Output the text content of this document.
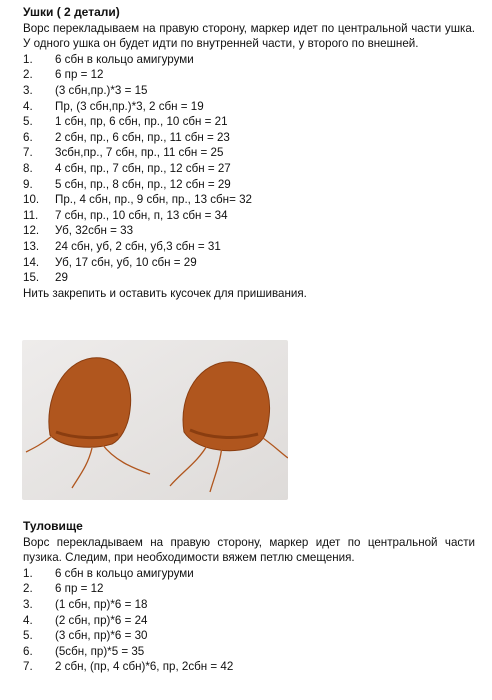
Ушки ( 2 детали)
Ворс перекладываем на правую сторону, маркер идет по центральной части ушка. У одного ушка он будет идти по внутренней части, у второго по внешней.
1.	6 сбн в кольцо амигуруми
2.	6 пр = 12
3.	(3 сбн,пр.)*3 = 15
4.	Пр, (3 сбн,пр.)*3, 2 сбн = 19
5.	1 сбн, пр, 6 сбн, пр., 10 сбн = 21
6.	2 сбн, пр., 6 сбн, пр., 11 сбн = 23
7.	3сбн,пр., 7 сбн, пр., 11 сбн = 25
8.	4 сбн, пр., 7 сбн, пр., 12 сбн = 27
9.	5 сбн, пр., 8 сбн, пр., 12 сбн = 29
10.	Пр., 4 сбн, пр., 9 сбн, пр., 13 сбн= 32
11.	7 сбн, пр., 10 сбн, п, 13 сбн = 34
12.	Уб, 32сбн = 33
13.	24 сбн, уб, 2 сбн, уб,3 сбн = 31
14.	Уб, 17 сбн, уб, 10 сбн = 29
15.	29
Нить закрепить и оставить кусочек для пришивания.
Туловище
Ворс перекладываем на правую сторону, маркер идет по центральной части пузика. Следим, при необходимости вяжем петлю смещения.
1.	6 сбн в кольцо амигуруми
2.	6 пр = 12
3.	(1 сбн, пр)*6 = 18
4.	(2 сбн, пр)*6 = 24
5.	(3 сбн, пр)*6 = 30
6.	(5сбн, пр)*5 = 35
7.	2 сбн, (пр, 4 сбн)*6, пр, 2сбн = 42
